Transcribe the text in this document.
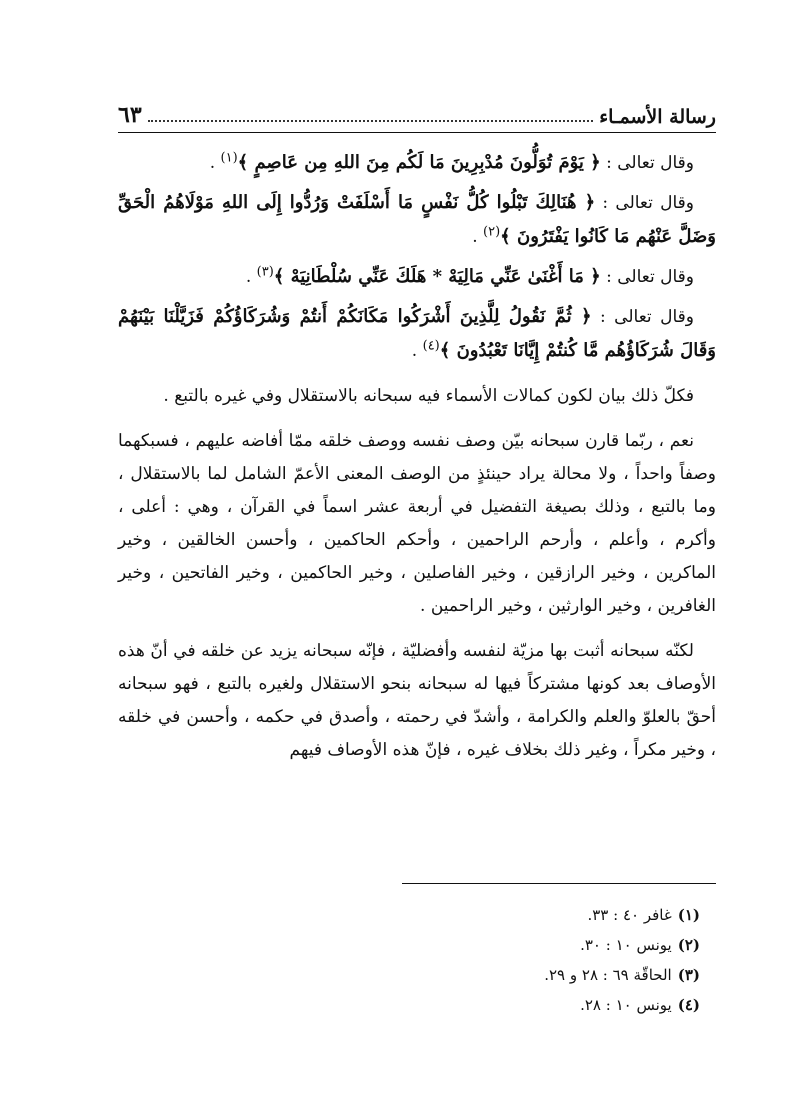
رسالة الأسمـاء
٦٣

وقال تعالى : ﴿ يَوْمَ تُوَلُّونَ مُدْبِرِينَ مَا لَكُم مِنَ اللهِ مِن عَاصِمٍ ﴾$^{(١)}$ .

وقال تعالى : ﴿ هُنَالِكَ تَبْلُوا كُلُّ نَفْسٍ مَا أَسْلَفَتْ وَرُدُّوا إِلَى اللهِ مَوْلَاهُمُ الْحَقِّ وَضَلَّ عَنْهُم مَا كَانُوا يَفْتَرُونَ ﴾$^{(٢)}$ .

وقال تعالى : ﴿ مَا أَغْنَىٰ عَنِّي مَالِيَهْ * هَلَكَ عَنِّي سُلْطَانِيَهْ ﴾$^{(٣)}$ .

وقال تعالى : ﴿ ثُمَّ نَقُولُ لِلَّذِينَ أَشْرَكُوا مَكَانَكُمْ أَنتُمْ وَشُرَكَاؤُكُمْ فَزَيَّلْنَا بَيْنَهُمْ وَقَالَ شُرَكَاؤُهُم مَّا كُنتُمْ إِيَّانَا تَعْبُدُونَ ﴾$^{(٤)}$ .

فكلّ ذلك بيان لكون كمالات الأسماء فيه سبحانه بالاستقلال وفي غيره بالتبع .

نعم ، ربّما قارن سبحانه بيّن وصف نفسه ووصف خلقه ممّا أفاضه عليهم ، فسبكهما وصفاً واحداً ، ولا محالة يراد حينئذٍ من الوصف المعنى الأعمّ الشامل لما بالاستقلال ، وما بالتبع ، وذلك بصيغة التفضيل في أربعة عشر اسماً في القرآن ، وهي : أعلى ، وأكرم ، وأعلم ، وأرحم الراحمين ، وأحكم الحاكمين ، وأحسن الخالقين ، وخير الماكرين ، وخير الرازقين ، وخير الفاصلين ، وخير الحاكمين ، وخير الفاتحين ، وخير الغافرين ، وخير الوارثين ، وخير الراحمين .

لكنّه سبحانه أثبت بها مزيّة لنفسه وأفضليّة ، فإنّه سبحانه يزيد عن خلقه في أنّ هذه الأوصاف بعد كونها مشتركاً فيها له سبحانه بنحو الاستقلال ولغيره بالتبع ، فهو سبحانه أحقّ بالعلوّ والعلم والكرامة ، وأشدّ في رحمته ، وأصدق في حكمه ، وأحسن في خلقه ، وخير مكراً ، وغير ذلك بخلاف غيره ، فإنّ هذه الأوصاف فيهم

(١)غافر ٤٠ : ٣٣.
(٢)يونس ١٠ : ٣٠.
(٣)الحاقّة ٦٩ : ٢٨ و ٢٩.
(٤)يونس ١٠ : ٢٨.
